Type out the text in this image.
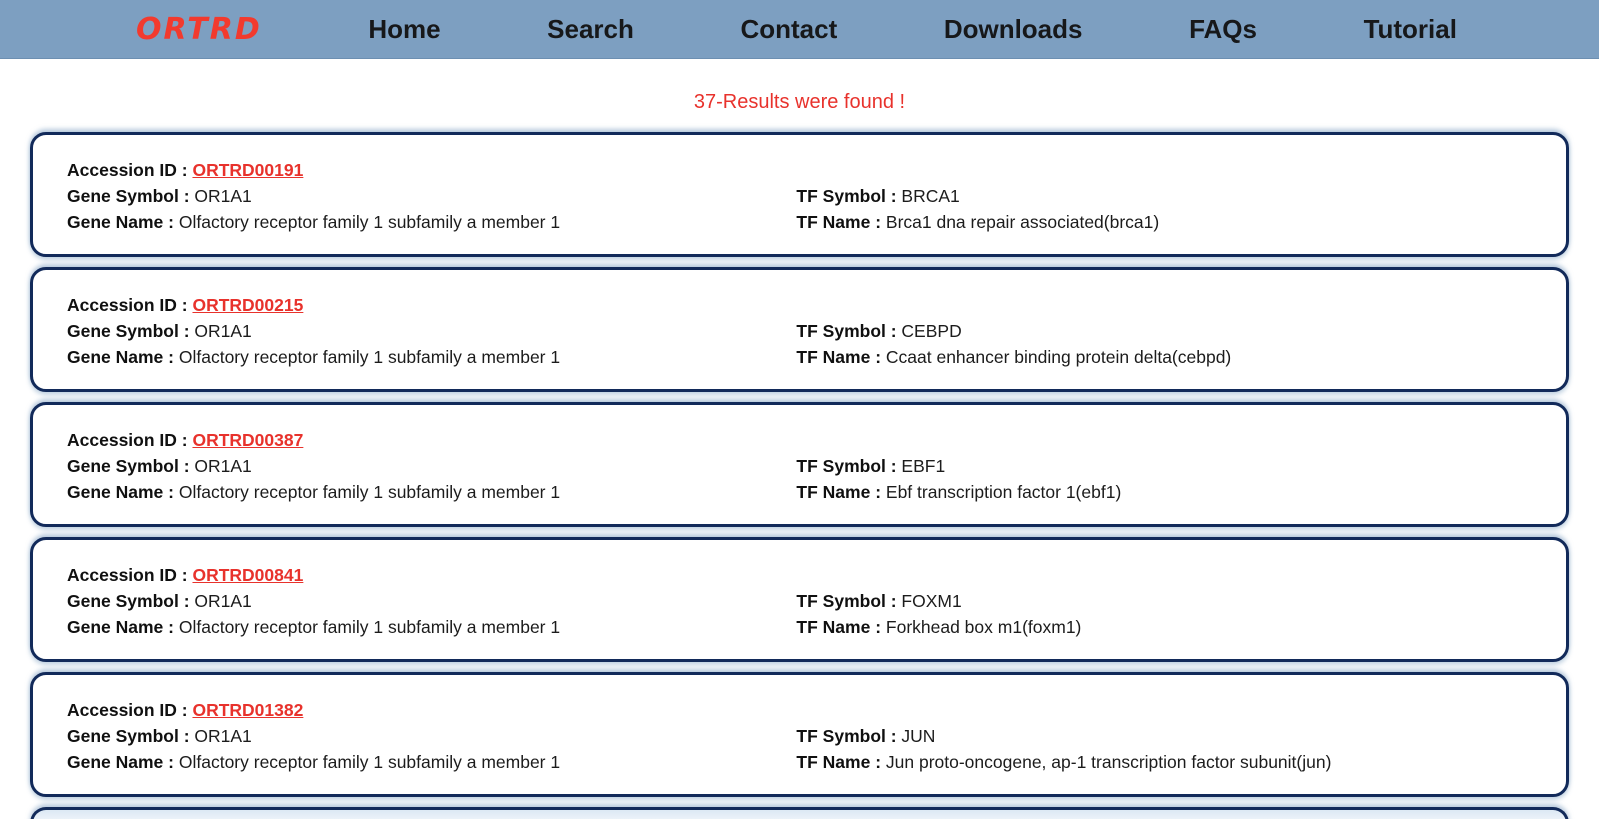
ORTRD	Home	Search	Contact	Downloads	FAQs	Tutorial
37-Results were found !
Accession ID : ORTRD00191
Gene Symbol : OR1A1
Gene Name : Olfactory receptor family 1 subfamily a member 1
TF Symbol : BRCA1
TF Name : Brca1 dna repair associated(brca1)
Accession ID : ORTRD00215
Gene Symbol : OR1A1
Gene Name : Olfactory receptor family 1 subfamily a member 1
TF Symbol : CEBPD
TF Name : Ccaat enhancer binding protein delta(cebpd)
Accession ID : ORTRD00387
Gene Symbol : OR1A1
Gene Name : Olfactory receptor family 1 subfamily a member 1
TF Symbol : EBF1
TF Name : Ebf transcription factor 1(ebf1)
Accession ID : ORTRD00841
Gene Symbol : OR1A1
Gene Name : Olfactory receptor family 1 subfamily a member 1
TF Symbol : FOXM1
TF Name : Forkhead box m1(foxm1)
Accession ID : ORTRD01382
Gene Symbol : OR1A1
Gene Name : Olfactory receptor family 1 subfamily a member 1
TF Symbol : JUN
TF Name : Jun proto-oncogene, ap-1 transcription factor subunit(jun)
